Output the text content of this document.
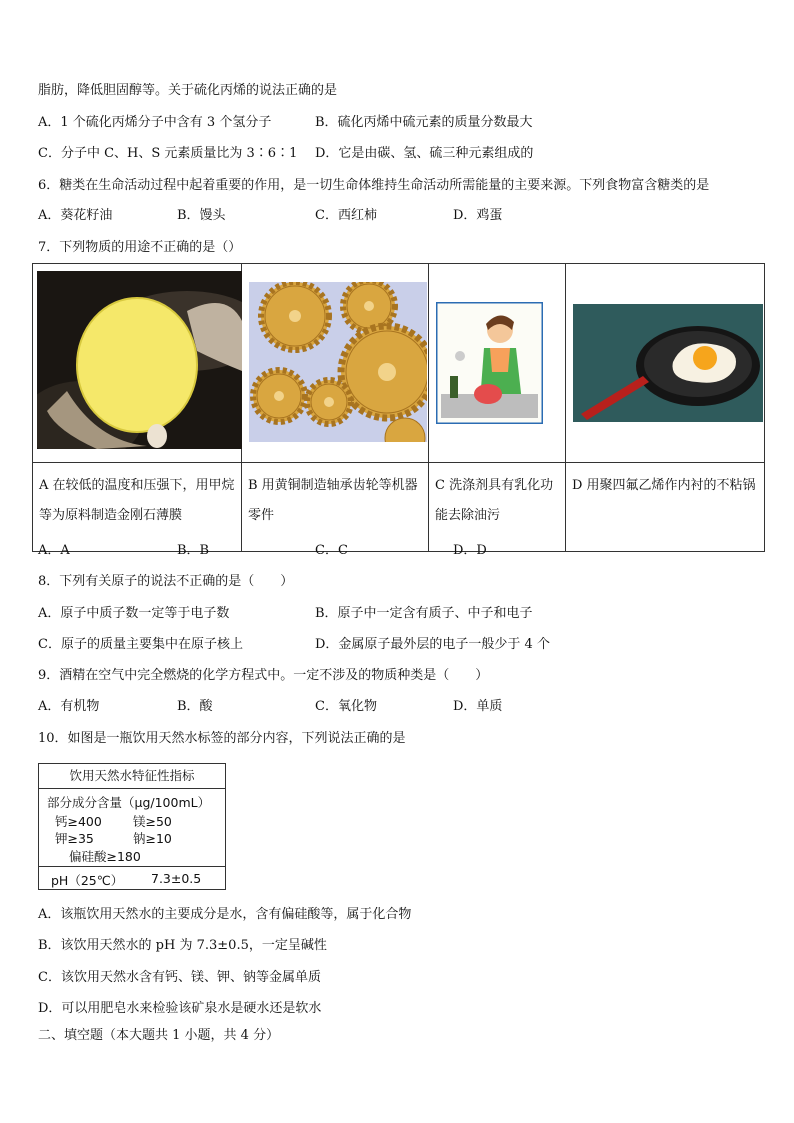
脂肪，降低胆固醇等。关于硫化丙烯的说法正确的是
A．1 个硫化丙烯分子中含有 3 个氢分子	B．硫化丙烯中硫元素的质量分数最大
C．分子中 C、H、S 元素质量比为 3∶6∶1 D．它是由碳、氢、硫三种元素组成的
6．糖类在生命活动过程中起着重要的作用，是一切生命体维持生命活动所需能量的主要来源。下列食物富含糖类的是
A．葵花籽油	B．馒头	C．西红柿	D．鸡蛋
7．下列物质的用途不正确的是（）

A 在较低的温度和压强下，用甲烷等为原料制造金刚石薄膜	B 用黄铜制造轴承齿轮等机器零件	C 洗涤剂具有乳化功能去除油污	D 用聚四氟乙烯作内衬的不粘锅
A．A	B．B	C．C	D．D
8．下列有关原子的说法不正确的是（　　）
A．原子中质子数一定等于电子数	B．原子中一定含有质子、中子和电子
C．原子的质量主要集中在原子核上	D．金属原子最外层的电子一般少于 4 个
9．酒精在空气中完全燃烧的化学方程式中。一定不涉及的物质种类是（　　）
A．有机物	B．酸	C．氧化物	D．单质
10．如图是一瓶饮用天然水标签的部分内容，下列说法正确的是
饮用天然水特征性指标
部分成分含量（μg/100mL）
钙≥400 镁≥50
钾≥35	钠≥10
偏硅酸≥180
pH（25℃） 7.3±0.5
A．该瓶饮用天然水的主要成分是水，含有偏硅酸等，属于化合物
B．该饮用天然水的 pH 为 7.3±0.5，一定呈碱性
C．该饮用天然水含有钙、镁、钾、钠等金属单质
D．可以用肥皂水来检验该矿泉水是硬水还是软水
二、填空题（本大题共 1 小题，共 4 分）
